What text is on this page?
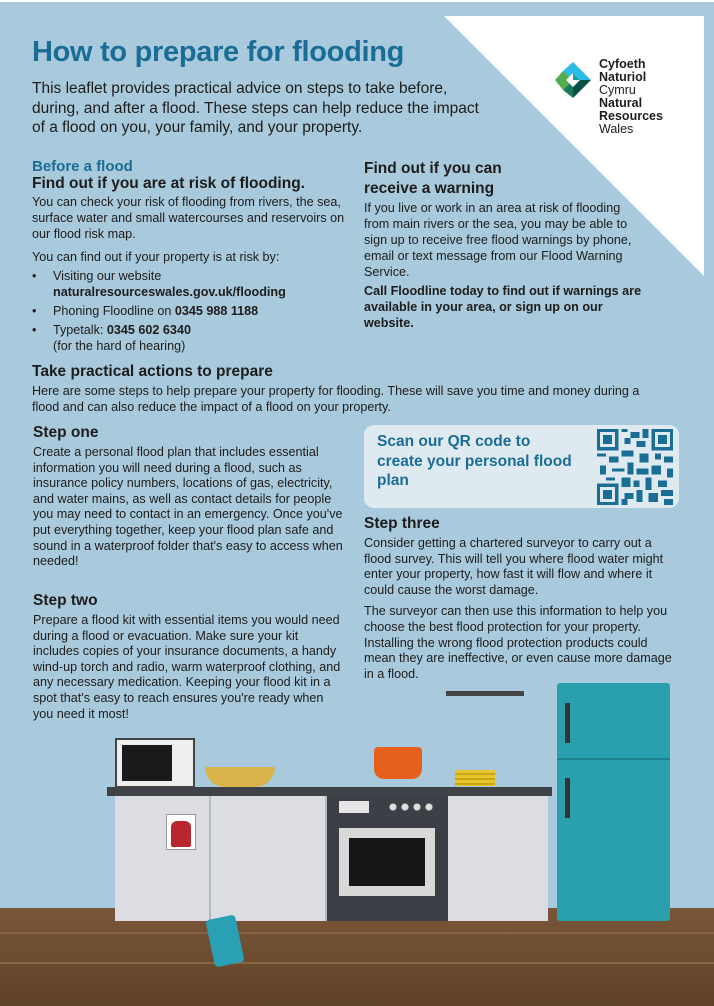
Cyfoeth
Naturiol
Cymru
Natural
Resources
Wales
How to prepare for flooding
This leaflet provides practical advice on steps to take before, during, and after a flood. These steps can help reduce the impact of a flood on you, your family, and your property.
Before a flood
Find out if you are at risk of flooding.

You can check your risk of flooding from rivers, the sea, surface water and small watercourses and reservoirs on our flood risk map.

You can find out if your property is at risk by:

• Visiting our website
naturalresourceswales.gov.uk/flooding
• Phoning Floodline on 0345 988 1188
• Typetalk: 0345 602 6340
(for the hard of hearing)
Find out if you can receive a warning

If you live or work in an area at risk of flooding from main rivers or the sea, you may be able to sign up to receive free flood warnings by phone, email or text message from our Flood Warning Service.

Call Floodline today to find out if warnings are available in your area, or sign up on our website.

Take practical actions to prepare

Here are some steps to help prepare your property for flooding. These will save you time and money during a flood and can also reduce the impact of a flood on your property.

Step one

Create a personal flood plan that includes essential information you will need during a flood, such as insurance policy numbers, locations of gas, electricity, and water mains, as well as contact details for people you may need to contact in an emergency. Once you've put everything together, keep your flood plan safe and sound in a waterproof folder that's easy to access when needed!

Step two

Prepare a flood kit with essential items you would need during a flood or evacuation. Make sure your kit includes copies of your insurance documents, a handy wind-up torch and radio, warm waterproof clothing, and any necessary medication. Keeping your flood kit in a spot that's easy to reach ensures you're ready when you need it most!

Scan our QR code to create your personal flood plan
Step three

Consider getting a chartered surveyor to carry out a flood survey. This will tell you where flood water might enter your property, how fast it will flow and where it could cause the worst damage.

The surveyor can then use this information to help you choose the best flood protection for your property. Installing the wrong flood protection products could mean they are ineffective, or even cause more damage in a flood.
